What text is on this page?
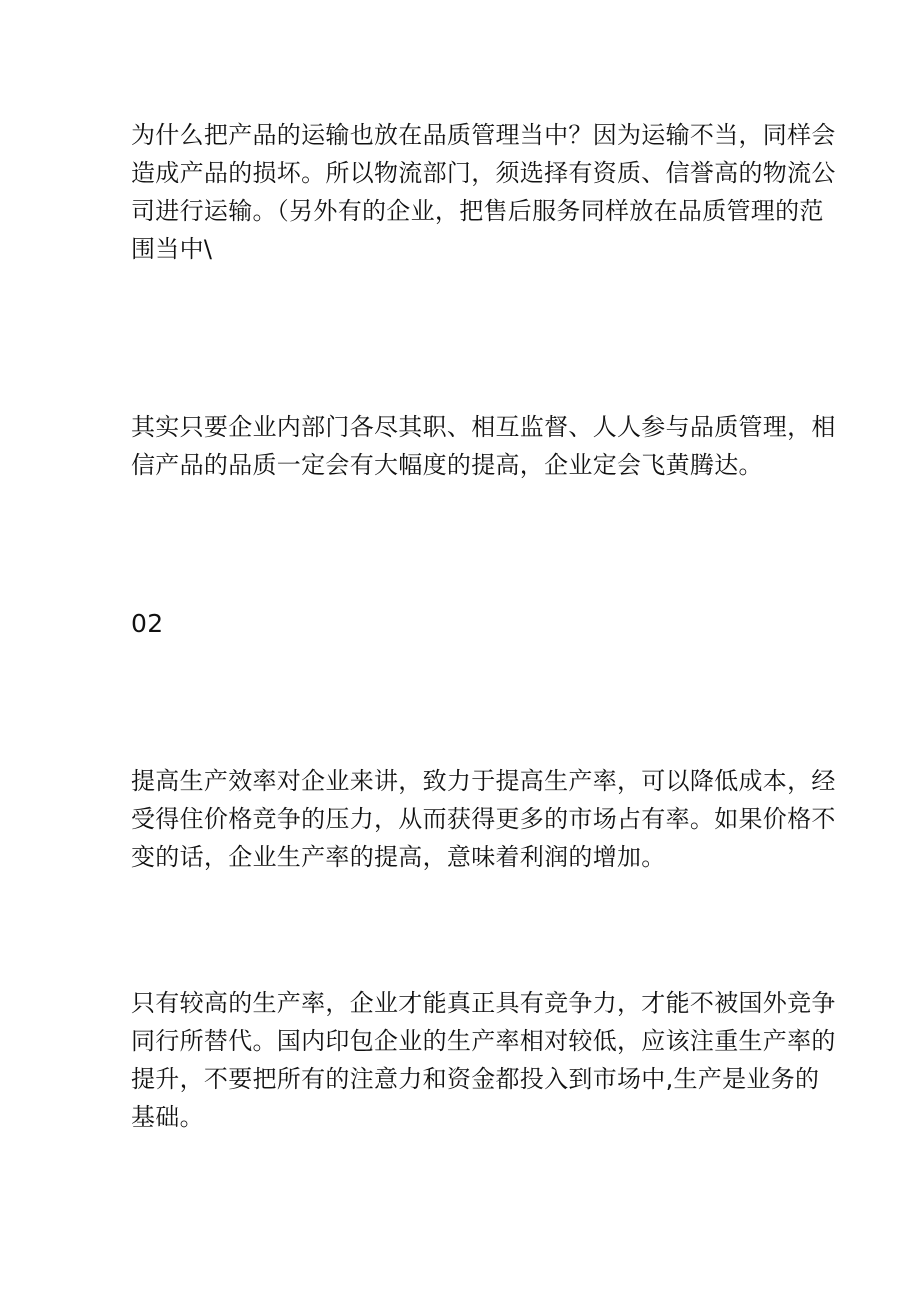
为什么把产品的运输也放在品质管理当中？因为运输不当，同样会
造成产品的损坏。所以物流部门，须选择有资质、信誉高的物流公
司进行运输。（另外有的企业，把售后服务同样放在品质管理的范
围当中\
其实只要企业内部门各尽其职、相互监督、人人参与品质管理，相
信产品的品质一定会有大幅度的提高，企业定会飞黄腾达。
02
提高生产效率对企业来讲，致力于提高生产率，可以降低成本，经
受得住价格竞争的压力，从而获得更多的市场占有率。如果价格不
变的话，企业生产率的提高，意味着利润的增加。
只有较高的生产率，企业才能真正具有竞争力，才能不被国外竞争
同行所替代。国内印包企业的生产率相对较低，应该注重生产率的
提升，不要把所有的注意力和资金都投入到市场中,生产是业务的
基础。
